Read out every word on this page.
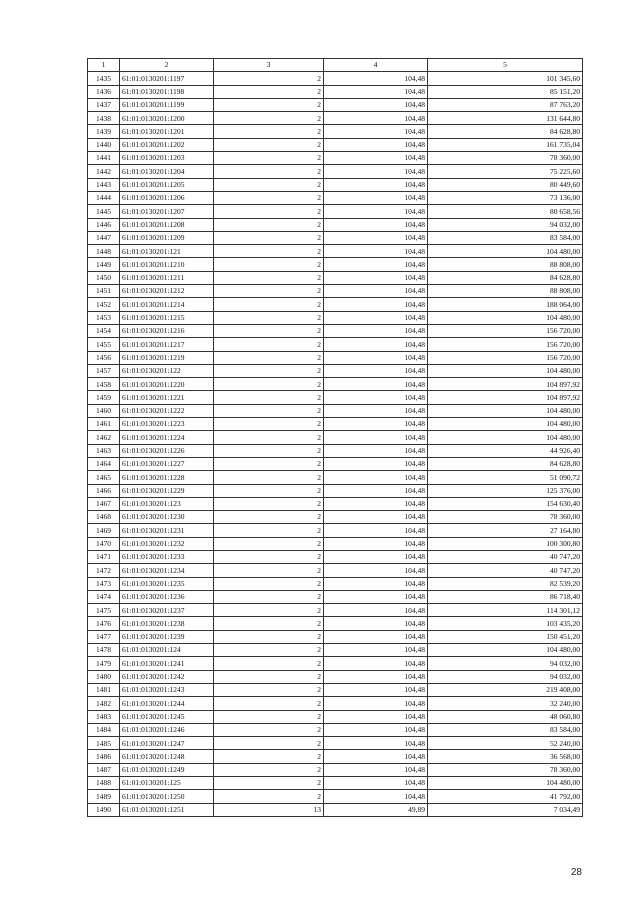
1	2	3	4	5
1435	61:01:0130201:1197	2	104,48	101 345,60
1436	61:01:0130201:1198	2	104,48	85 151,20
1437	61:01:0130201:1199	2	104,48	87 763,20
1438	61:01:0130201:1200	2	104,48	131 644,80
1439	61:01:0130201:1201	2	104,48	84 628,80
1440	61:01:0130201:1202	2	104,48	161 735,04
1441	61:01:0130201:1203	2	104,48	78 360,00
1442	61:01:0130201:1204	2	104,48	75 225,60
1443	61:01:0130201:1205	2	104,48	80 449,60
1444	61:01:0130201:1206	2	104,48	73 136,00
1445	61:01:0130201:1207	2	104,48	80 658,56
1446	61:01:0130201:1208	2	104,48	94 032,00
1447	61:01:0130201:1209	2	104,48	83 584,00
1448	61:01:0130201:121	2	104,48	104 480,00
1449	61:01:0130201:1210	2	104,48	88 808,00
1450	61:01:0130201:1211	2	104,48	84 628,80
1451	61:01:0130201:1212	2	104,48	88 808,00
1452	61:01:0130201:1214	2	104,48	188 064,00
1453	61:01:0130201:1215	2	104,48	104 480,00
1454	61:01:0130201:1216	2	104,48	156 720,00
1455	61:01:0130201:1217	2	104,48	156 720,00
1456	61:01:0130201:1219	2	104,48	156 720,00
1457	61:01:0130201:122	2	104,48	104 480,00
1458	61:01:0130201:1220	2	104,48	104 897,92
1459	61:01:0130201:1221	2	104,48	104 897,92
1460	61:01:0130201:1222	2	104,48	104 480,00
1461	61:01:0130201:1223	2	104,48	104 480,00
1462	61:01:0130201:1224	2	104,48	104 480,00
1463	61:01:0130201:1226	2	104,48	44 926,40
1464	61:01:0130201:1227	2	104,48	84 628,80
1465	61:01:0130201:1228	2	104,48	51 090,72
1466	61:01:0130201:1229	2	104,48	125 376,00
1467	61:01:0130201:123	2	104,48	154 630,40
1468	61:01:0130201:1230	2	104,48	78 360,00
1469	61:01:0130201:1231	2	104,48	27 164,80
1470	61:01:0130201:1232	2	104,48	100 300,80
1471	61:01:0130201:1233	2	104,48	40 747,20
1472	61:01:0130201:1234	2	104,48	40 747,20
1473	61:01:0130201:1235	2	104,48	82 539,20
1474	61:01:0130201:1236	2	104,48	86 718,40
1475	61:01:0130201:1237	2	104,48	114 301,12
1476	61:01:0130201:1238	2	104,48	103 435,20
1477	61:01:0130201:1239	2	104,48	150 451,20
1478	61:01:0130201:124	2	104,48	104 480,00
1479	61:01:0130201:1241	2	104,48	94 032,00
1480	61:01:0130201:1242	2	104,48	94 032,00
1481	61:01:0130201:1243	2	104,48	219 408,00
1482	61:01:0130201:1244	2	104,48	32 240,00
1483	61:01:0130201:1245	2	104,48	48 060,80
1484	61:01:0130201:1246	2	104,48	83 584,00
1485	61:01:0130201:1247	2	104,48	52 240,00
1486	61:01:0130201:1248	2	104,48	36 568,00
1487	61:01:0130201:1249	2	104,48	78 360,00
1488	61:01:0130201:125	2	104,48	104 480,00
1489	61:01:0130201:1250	2	104,48	41 792,00
1490	61:01:0130201:1251	13	49,89	7 034,49
28
